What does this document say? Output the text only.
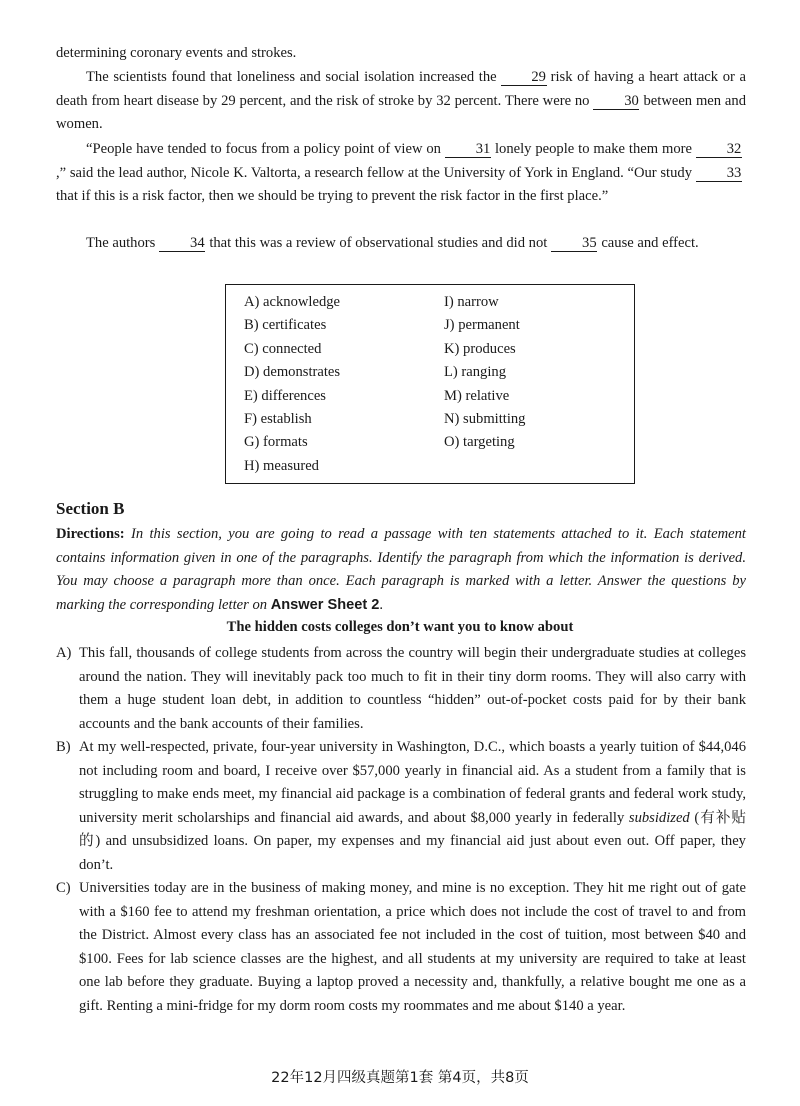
determining coronary events and strokes.

The scientists found that loneliness and social isolation increased the 29 risk of having a heart attack or a death from heart disease by 29 percent, and the risk of stroke by 32 percent. There were no 30 between men and women.

“People have tended to focus from a policy point of view on 31 lonely people to make them more 32,” said the lead author, Nicole K. Valtorta, a research fellow at the University of York in England. “Our study 33that if this is a risk factor, then we should be trying to prevent the risk factor in the first place.”

The authors 34 that this was a review of observational studies and did not 35 cause and effect.

A) acknowledge
B) certificates
C) connected
D) demonstrates
E) differences
F) establish
G) formats
H) measured
I) narrow
J) permanent
K) produces
L) ranging
M) relative
N) submitting
O) targeting
Section B

Directions: In this section, you are going to read a passage with ten statements attached to it. Each statement contains information given in one of the paragraphs. Identify the paragraph from which the information is derived. You may choose a paragraph more than once. Each paragraph is marked with a letter. Answer the questions by marking the corresponding letter on Answer Sheet 2.

The hidden costs colleges don’t want you to know about
A) This fall, thousands of college students from across the country will begin their undergraduate studies at colleges around the nation. They will inevitably pack too much to fit in their tiny dorm rooms. They will also carry with them a huge student loan debt, in addition to countless “hidden” out-of-pocket costs paid for by their bank accounts and the bank accounts of their families.

B) At my well-respected, private, four-year university in Washington, D.C., which boasts a yearly tuition of $44,046 not including room and board, I receive over $57,000 yearly in financial aid. As a student from a family that is struggling to make ends meet, my financial aid package is a combination of federal grants and federal work study, university merit scholarships and financial aid awards, and about $8,000 yearly in federally subsidized (有补贴的) and unsubsidized loans. On paper, my expenses and my financial aid just about even out. Off paper, they don’t.

C) Universities today are in the business of making money, and mine is no exception. They hit me right out of gate with a $160 fee to attend my freshman orientation, a price which does not include the cost of travel to and from the District. Almost every class has an associated fee not included in the cost of tuition, most between $40 and $100. Fees for lab science classes are the highest, and all students at my university are required to take at least one lab before they graduate. Buying a laptop proved a necessity and, thankfully, a relative bought me one as a gift. Renting a mini-fridge for my dorm room costs my roommates and me about $140 a year.

22年12月四级真题第1套 第4页，共8页
